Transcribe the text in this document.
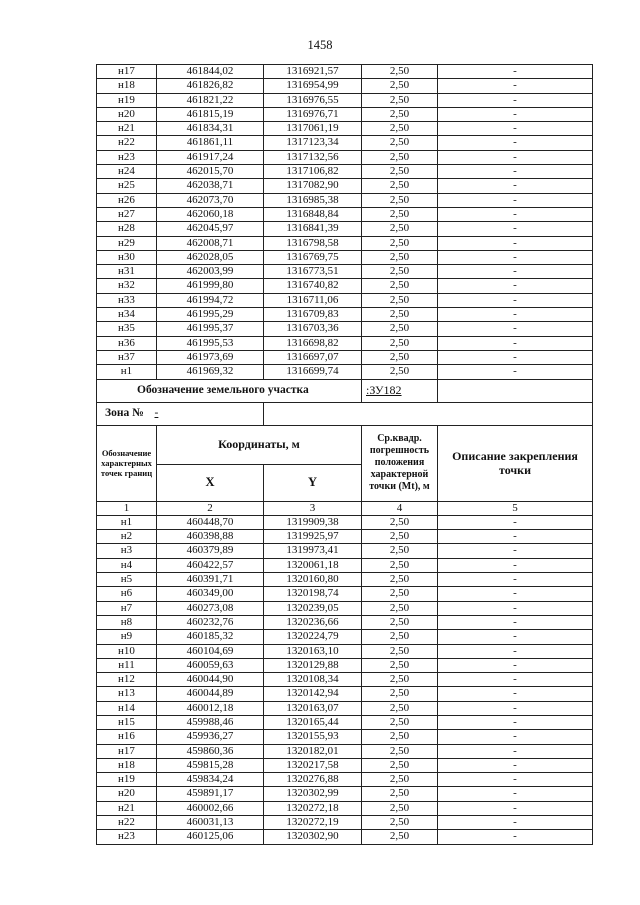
1458
н17	461844,02	1316921,57	2,50	-
н18	461826,82	1316954,99	2,50	-
н19	461821,22	1316976,55	2,50	-
н20	461815,19	1316976,71	2,50	-
н21	461834,31	1317061,19	2,50	-
н22	461861,11	1317123,34	2,50	-
н23	461917,24	1317132,56	2,50	-
н24	462015,70	1317106,82	2,50	-
н25	462038,71	1317082,90	2,50	-
н26	462073,70	1316985,38	2,50	-
н27	462060,18	1316848,84	2,50	-
н28	462045,97	1316841,39	2,50	-
н29	462008,71	1316798,58	2,50	-
н30	462028,05	1316769,75	2,50	-
н31	462003,99	1316773,51	2,50	-
н32	461999,80	1316740,82	2,50	-
н33	461994,72	1316711,06	2,50	-
н34	461995,29	1316709,83	2,50	-
н35	461995,37	1316703,36	2,50	-
н36	461995,53	1316698,82	2,50	-
н37	461973,69	1316697,07	2,50	-
н1	461969,32	1316699,74	2,50	-
Обозначение земельного участка			:ЗУ182	
Зона № -				
Обозначение характерных точек границ	Координаты, м		Ср.квадр. погрешность положения характерной точки (Mt), м	Описание закрепления точки
	X	Y		
1	2	3	4	5
н1	460448,70	1319909,38	2,50	-
н2	460398,88	1319925,97	2,50	-
н3	460379,89	1319973,41	2,50	-
н4	460422,57	1320061,18	2,50	-
н5	460391,71	1320160,80	2,50	-
н6	460349,00	1320198,74	2,50	-
н7	460273,08	1320239,05	2,50	-
н8	460232,76	1320236,66	2,50	-
н9	460185,32	1320224,79	2,50	-
н10	460104,69	1320163,10	2,50	-
н11	460059,63	1320129,88	2,50	-
н12	460044,90	1320108,34	2,50	-
н13	460044,89	1320142,94	2,50	-
н14	460012,18	1320163,07	2,50	-
н15	459988,46	1320165,44	2,50	-
н16	459936,27	1320155,93	2,50	-
н17	459860,36	1320182,01	2,50	-
н18	459815,28	1320217,58	2,50	-
н19	459834,24	1320276,88	2,50	-
н20	459891,17	1320302,99	2,50	-
н21	460002,66	1320272,18	2,50	-
н22	460031,13	1320272,19	2,50	-
н23	460125,06	1320302,90	2,50	-
